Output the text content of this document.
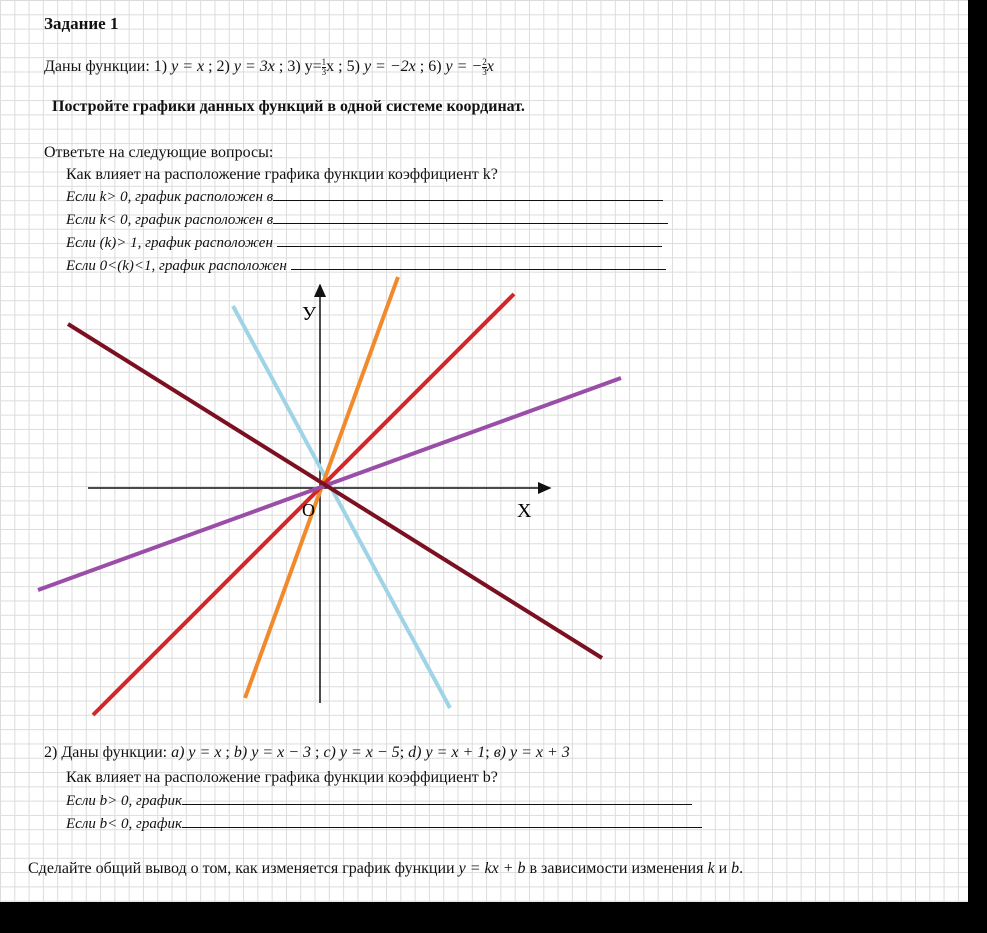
Задание 1
Даны функции: 1) y = x ; 2) y = 3x ; 3) $y= \frac{1}{3}$ x ; 5) y = −2x ; 6) y = − $\frac{2}{3}$ x
Постройте графики данных функций в одной системе координат.
Ответьте на следующие вопросы:
Как влияет на расположение графика функции коэффициент k?
Если k> 0, график расположен в
Если k< 0, график расположен в
Если (k)> 1, график расположен
Если 0<(k)<1, график расположен
У
Х
О
2) Даны функции: а) y = x ; b) y = x − 3 ; c) y = x − 5; d) y = x + 1; в) y = x + 3
Как влияет на расположение графика функции коэффициент b?
Если b> 0, график
Если b< 0, график
Сделайте общий вывод о том, как изменяется график функции y = kx + b в зависимости изменения k и b.
